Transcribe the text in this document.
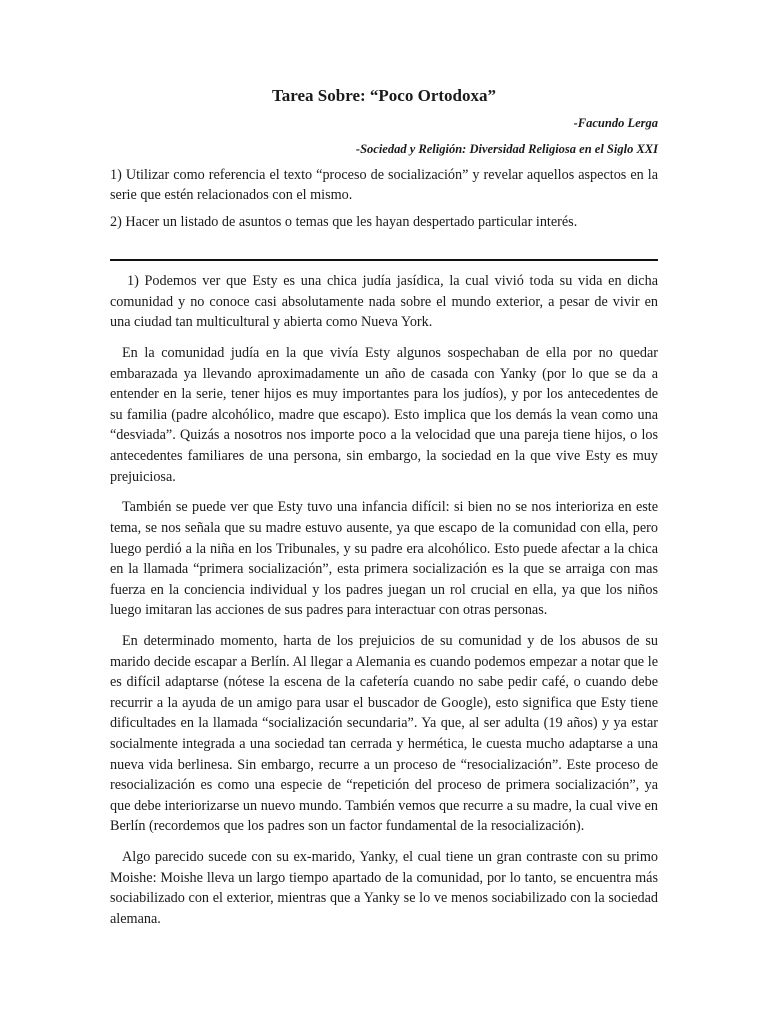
Tarea Sobre: “Poco Ortodoxa”

-Facundo Lerga

-Sociedad y Religión: Diversidad Religiosa en el Siglo XXI

1) Utilizar como referencia el texto “proceso de socialización” y revelar aquellos aspectos en la serie que estén relacionados con el mismo.

2) Hacer un listado de asuntos o temas que les hayan despertado particular interés.

1) Podemos ver que Esty es una chica judía jasídica, la cual vivió toda su vida en dicha comunidad y no conoce casi absolutamente nada sobre el mundo exterior, a pesar de vivir en una ciudad tan multicultural y abierta como Nueva York.

En la comunidad judía en la que vivía Esty algunos sospechaban de ella por no quedar embarazada ya llevando aproximadamente un año de casada con Yanky (por lo que se da a entender en la serie, tener hijos es muy importantes para los judíos), y por los antecedentes de su familia (padre alcohólico, madre que escapo). Esto implica que los demás la vean como una “desviada”. Quizás a nosotros nos importe poco a la velocidad que una pareja tiene hijos, o los antecedentes familiares de una persona, sin embargo, la sociedad en la que vive Esty es muy prejuiciosa.

También se puede ver que Esty tuvo una infancia difícil: si bien no se nos interioriza en este tema, se nos señala que su madre estuvo ausente, ya que escapo de la comunidad con ella, pero luego perdió a la niña en los Tribunales, y su padre era alcohólico. Esto puede afectar a la chica en la llamada “primera socialización”, esta primera socialización es la que se arraiga con mas fuerza en la conciencia individual y los padres juegan un rol crucial en ella, ya que los niños luego imitaran las acciones de sus padres para interactuar con otras personas.

En determinado momento, harta de los prejuicios de su comunidad y de los abusos de su marido decide escapar a Berlín. Al llegar a Alemania es cuando podemos empezar a notar que le es difícil adaptarse (nótese la escena de la cafetería cuando no sabe pedir café, o cuando debe recurrir a la ayuda de un amigo para usar el buscador de Google), esto significa que Esty tiene dificultades en la llamada “socialización secundaria”. Ya que, al ser adulta (19 años) y ya estar socialmente integrada a una sociedad tan cerrada y hermética, le cuesta mucho adaptarse a una nueva vida berlinesa. Sin embargo, recurre a un proceso de “resocialización”. Este proceso de resocialización es como una especie de “repetición del proceso de primera socialización”, ya que debe interiorizarse un nuevo mundo. También vemos que recurre a su madre, la cual vive en Berlín (recordemos que los padres son un factor fundamental de la resocialización).

Algo parecido sucede con su ex-marido, Yanky, el cual tiene un gran contraste con su primo Moishe: Moishe lleva un largo tiempo apartado de la comunidad, por lo tanto, se encuentra más sociabilizado con el exterior, mientras que a Yanky se lo ve menos sociabilizado con la sociedad alemana.
